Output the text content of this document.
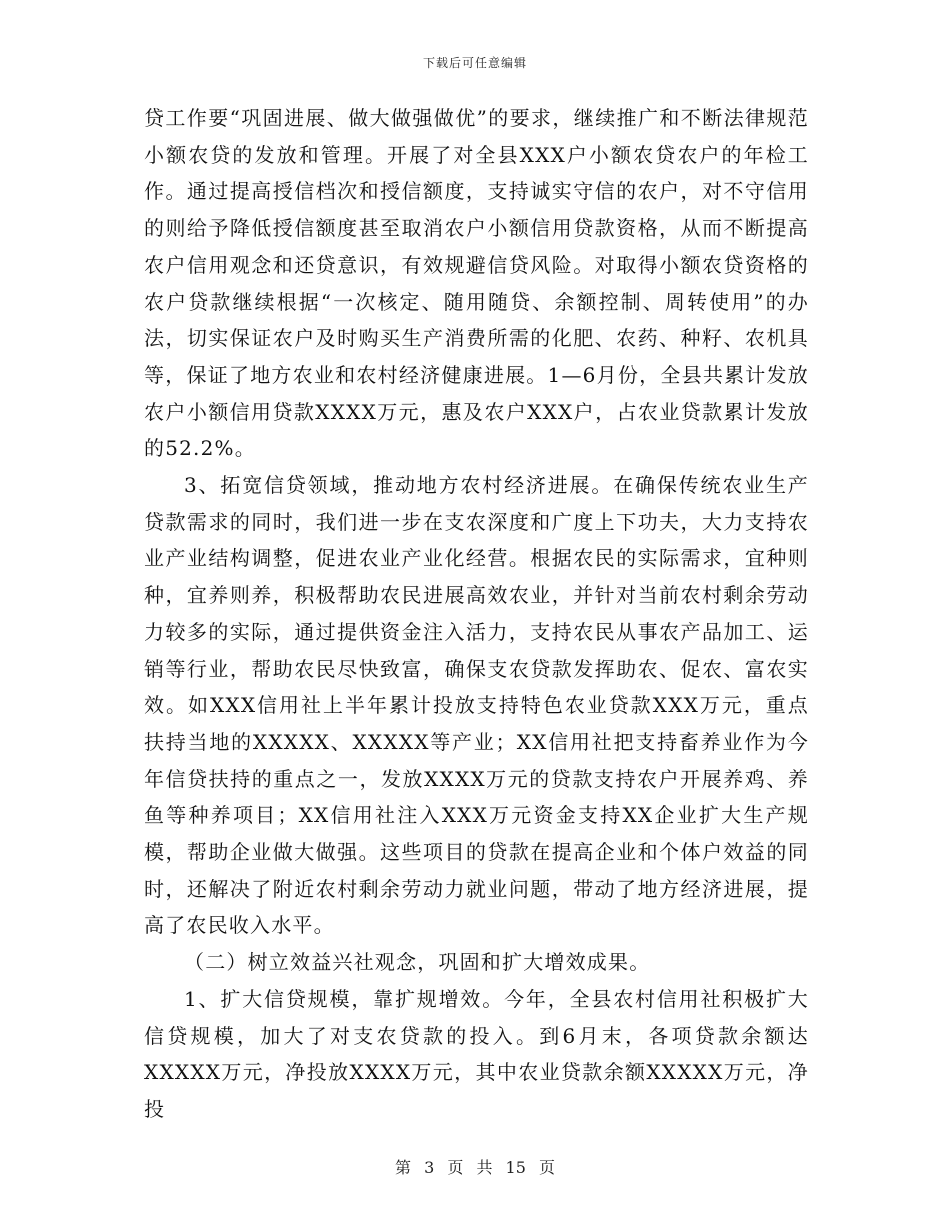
下载后可任意编辑

贷工作要“巩固进展、做大做强做优”的要求，继续推广和不断法律规范小额农贷的发放和管理。开展了对全县XXX户小额农贷农户的年检工作。通过提高授信档次和授信额度，支持诚实守信的农户，对不守信用的则给予降低授信额度甚至取消农户小额信用贷款资格，从而不断提高农户信用观念和还贷意识，有效规避信贷风险。对取得小额农贷资格的农户贷款继续根据“一次核定、随用随贷、余额控制、周转使用”的办法，切实保证农户及时购买生产消费所需的化肥、农药、种籽、农机具等，保证了地方农业和农村经济健康进展。1—6月份，全县共累计发放农户小额信用贷款XXXX万元，惠及农户XXX户，占农业贷款累计发放的52.2%。

3、拓宽信贷领域，推动地方农村经济进展。在确保传统农业生产贷款需求的同时，我们进一步在支农深度和广度上下功夫，大力支持农业产业结构调整，促进农业产业化经营。根据农民的实际需求，宜种则种，宜养则养，积极帮助农民进展高效农业，并针对当前农村剩余劳动力较多的实际，通过提供资金注入活力，支持农民从事农产品加工、运销等行业，帮助农民尽快致富，确保支农贷款发挥助农、促农、富农实效。如XXX信用社上半年累计投放支持特色农业贷款XXX万元，重点扶持当地的XXXXX、XXXXX等产业；XX信用社把支持畜养业作为今年信贷扶持的重点之一，发放XXXX万元的贷款支持农户开展养鸡、养鱼等种养项目；XX信用社注入XXX万元资金支持XX企业扩大生产规模，帮助企业做大做强。这些项目的贷款在提高企业和个体户效益的同时，还解决了附近农村剩余劳动力就业问题，带动了地方经济进展，提高了农民收入水平。

（二）树立效益兴社观念，巩固和扩大增效成果。

1、扩大信贷规模，靠扩规增效。今年，全县农村信用社积极扩大信贷规模，加大了对支农贷款的投入。到6月末，各项贷款余额达XXXXX万元，净投放XXXX万元，其中农业贷款余额XXXXX万元，净投

第 3 页 共 15 页
